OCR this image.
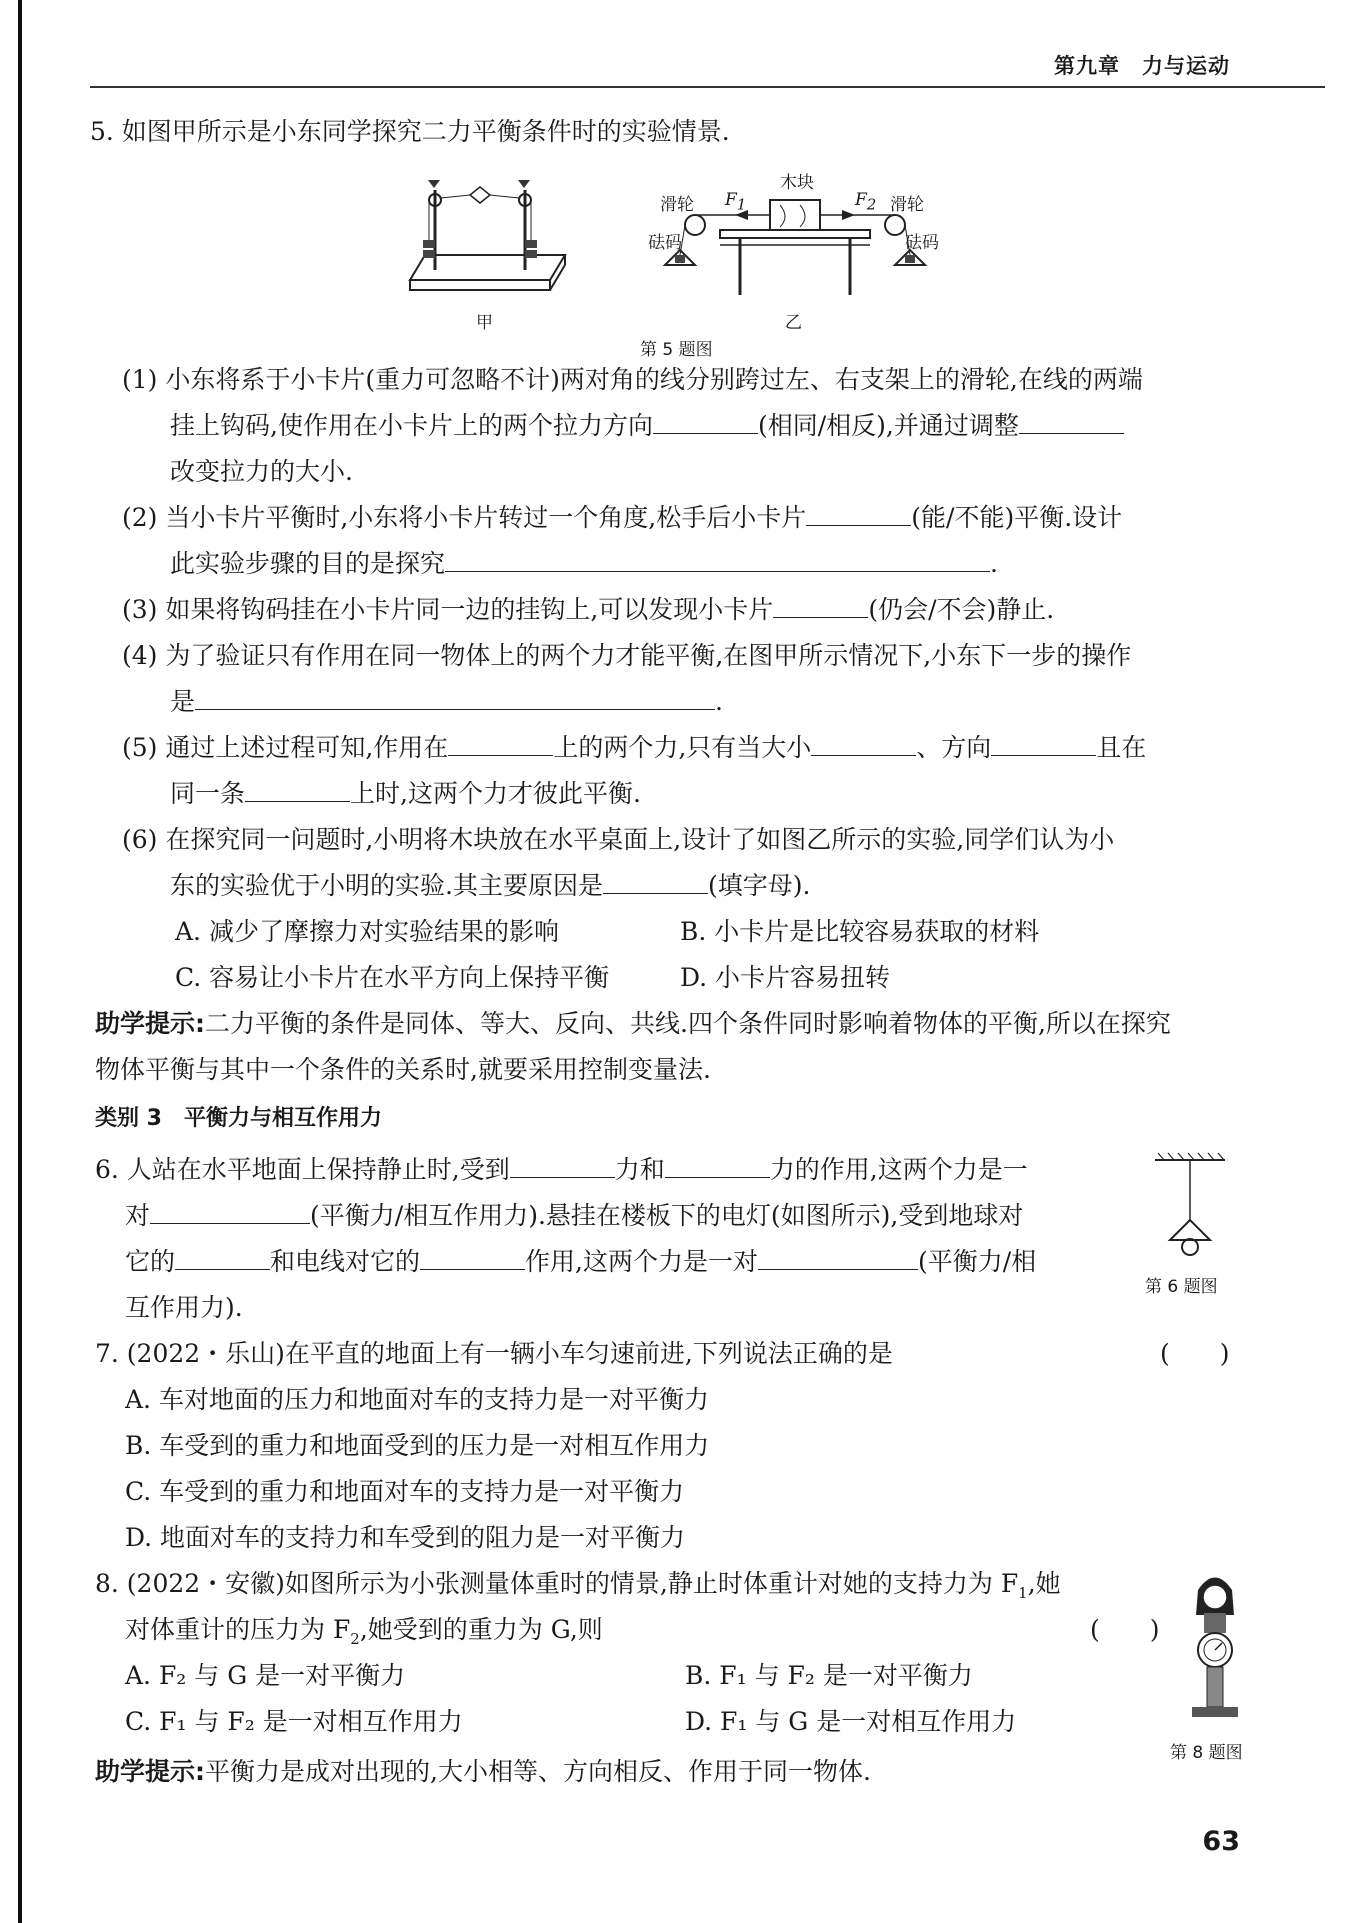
第九章　力与运动
5. 如图甲所示是小东同学探究二力平衡条件时的实验情景.
甲
木块
滑轮	滑轮
砝码	砝码
$F_1$	$F_2$
乙
第 5 题图
(1) 小东将系于小卡片(重力可忽略不计)两对角的线分别跨过左、右支架上的滑轮,在线的两端
挂上钩码,使作用在小卡片上的两个拉力方向	(相同/相反),并通过调整
改变拉力的大小.
(2) 当小卡片平衡时,小东将小卡片转过一个角度,松手后小卡片	(能/不能)平衡.设计
此实验步骤的目的是探究	.
(3) 如果将钩码挂在小卡片同一边的挂钩上,可以发现小卡片	(仍会/不会)静止.
(4) 为了验证只有作用在同一物体上的两个力才能平衡,在图甲所示情况下,小东下一步的操作
是	.
(5) 通过上述过程可知,作用在	上的两个力,只有当大小	、方向	且在
同一条	上时,这两个力才彼此平衡.
(6) 在探究同一问题时,小明将木块放在水平桌面上,设计了如图乙所示的实验,同学们认为小
东的实验优于小明的实验.其主要原因是	(填字母).
A. 减少了摩擦力对实验结果的影响	B. 小卡片是比较容易获取的材料
C. 容易让小卡片在水平方向上保持平衡	D. 小卡片容易扭转
助学提示:二力平衡的条件是同体、等大、反向、共线.四个条件同时影响着物体的平衡,所以在探究
物体平衡与其中一个条件的关系时,就要采用控制变量法.
类别 3　平衡力与相互作用力
6. 人站在水平地面上保持静止时,受到	力和	力的作用,这两个力是一
对	(平衡力/相互作用力).悬挂在楼板下的电灯(如图所示),受到地球对
它的	和电线对它的	作用,这两个力是一对	(平衡力/相
互作用力).
第 6 题图
7. (2022・乐山)在平直的地面上有一辆小车匀速前进,下列说法正确的是	(　　)
A. 车对地面的压力和地面对车的支持力是一对平衡力
B. 车受到的重力和地面受到的压力是一对相互作用力
C. 车受到的重力和地面对车的支持力是一对平衡力
D. 地面对车的支持力和车受到的阻力是一对平衡力
8. (2022・安徽)如图所示为小张测量体重时的情景,静止时体重计对她的支持力为 $F_1$,她
对体重计的压力为 $F_2$,她受到的重力为 G,则	(　　)
A. F₂ 与 G 是一对平衡力	B. F₁ 与 F₂ 是一对平衡力
C. F₁ 与 F₂ 是一对相互作用力	D. F₁ 与 G 是一对相互作用力
第 8 题图
助学提示:平衡力是成对出现的,大小相等、方向相反、作用于同一物体.
63
